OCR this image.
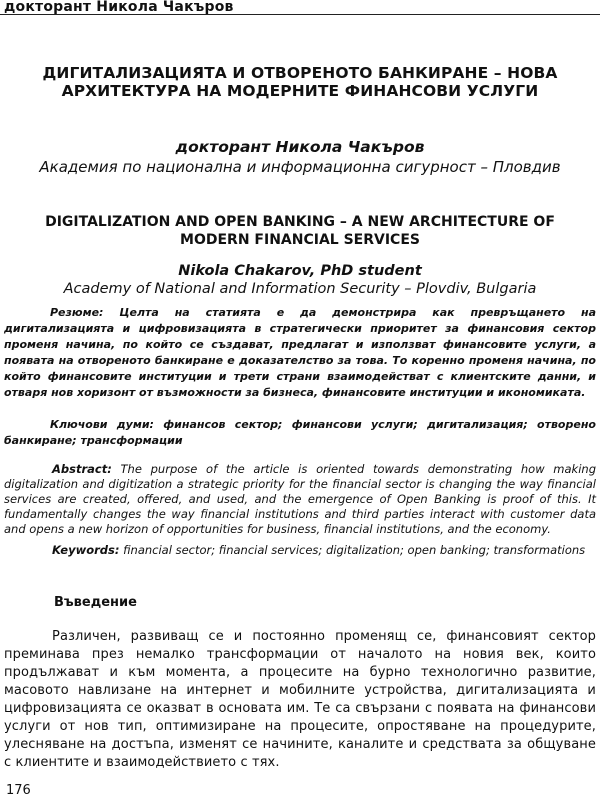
докторант Никола Чакъров
ДИГИТАЛИЗАЦИЯТА И ОТВОРЕНОТО БАНКИРАНЕ – НОВА АРХИТЕКТУРА НА МОДЕРНИТЕ ФИНАНСОВИ УСЛУГИ
докторант Никола Чакъров
Академия по национална и информационна сигурност – Пловдив
DIGITALIZATION AND OPEN BANKING – A NEW ARCHITECTURE OF MODERN FINANCIAL SERVICES
Nikola Chakarov, PhD student
Academy of National and Information Security – Plovdiv, Bulgaria
Резюме: Целта на статията е да демонстрира как превръщането на дигитализацията и цифровизацията в стратегически приоритет за финансовия сектор променя начина, по който се създават, предлагат и използват финансовите услуги, а появата на отвореното банкиране е доказателство за това. То коренно променя начина, по който финансовите институции и трети страни взаимодействат с клиентските данни, и отваря нов хоризонт от възможности за бизнеса, финансовите институции и икономиката.
Ключови думи: финансов сектор; финансови услуги; дигитализация; отворено банкиране; трансформации
Abstract: The purpose of the article is oriented towards demonstrating how making digitalization and digitization a strategic priority for the financial sector is changing the way financial services are created, offered, and used, and the emergence of Open Banking is proof of this. It fundamentally changes the way financial institutions and third parties interact with customer data and opens a new horizon of opportunities for business, financial institutions, and the economy.
Keywords: financial sector; financial services; digitalization; open banking; transformations
Въведение
Различен, развиващ се и постоянно променящ се, финансовият сектор преминава през немалко трансформации от началото на новия век, които продължават и към момента, а процесите на бурно технологично развитие, масовото навлизане на интернет и мобилните устройства, дигитализацията и цифровизацията се оказват в основата им. Те са свързани с появата на финансови услуги от нов тип, оптимизиране на процесите, опростяване на процедурите, улесняване на достъпа, изменят се начините, каналите и средствата за общуване с клиентите и взаимодействието с тях.
176
